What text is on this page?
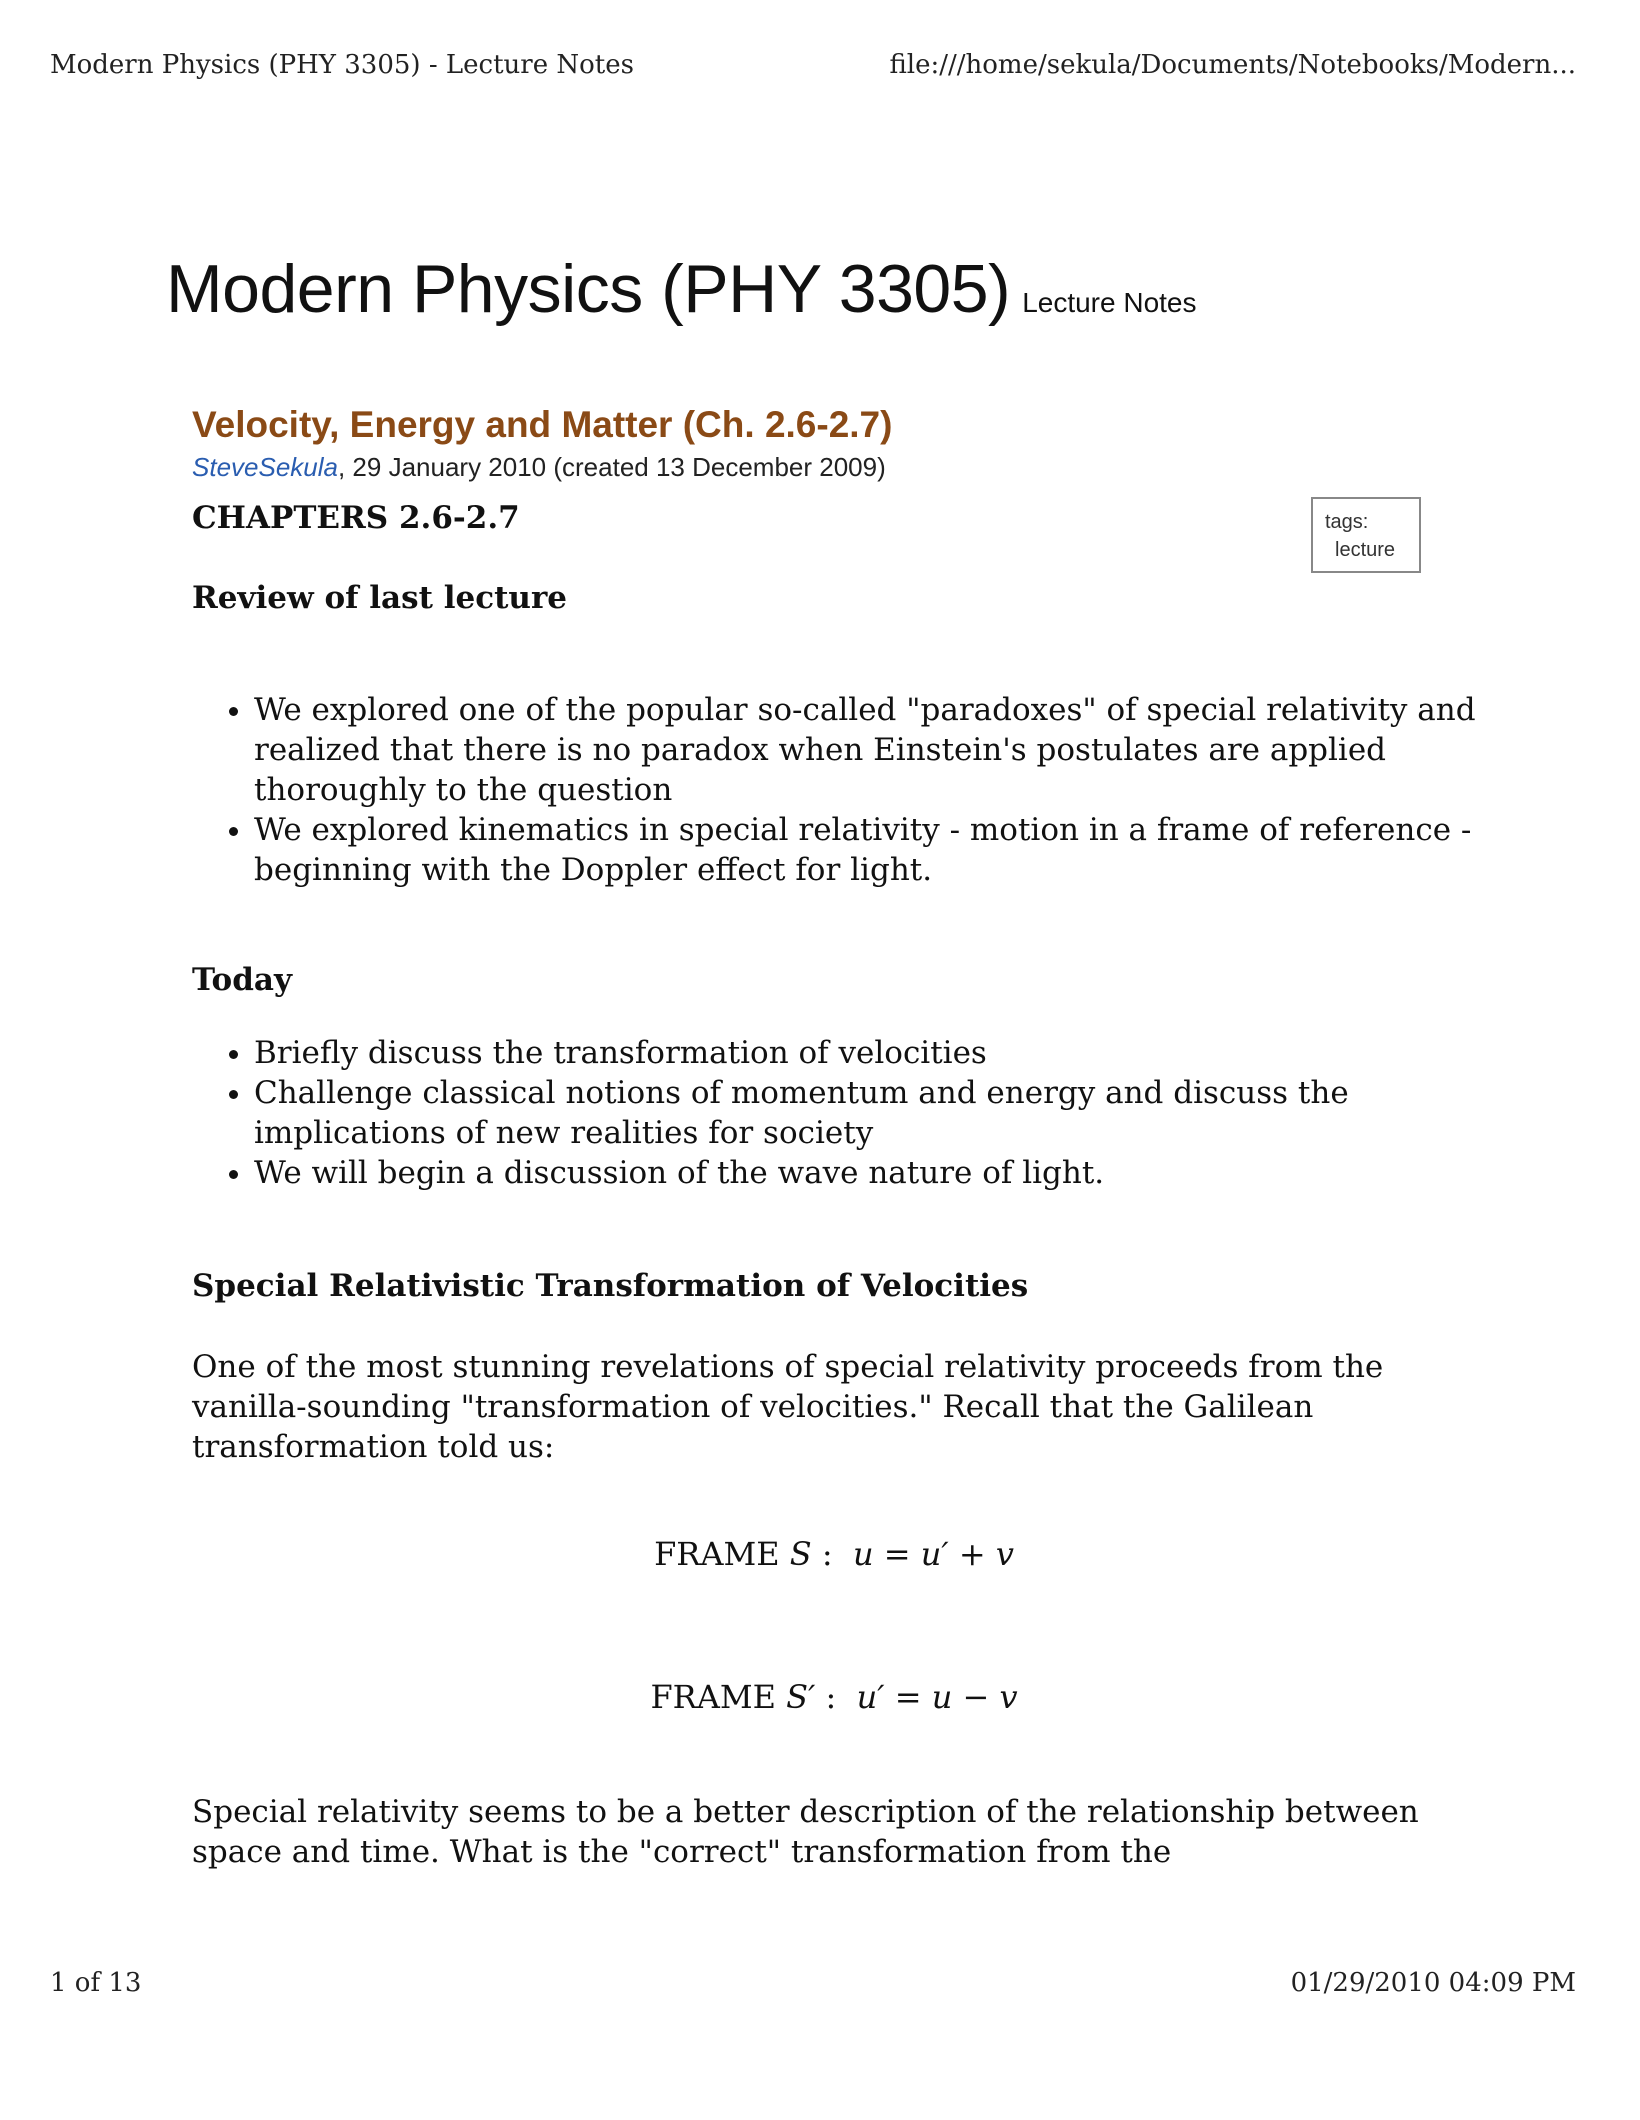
Modern Physics (PHY 3305) - Lecture Notes	file:///home/sekula/Documents/Notebooks/Modern...
Modern Physics (PHY 3305) Lecture Notes
Velocity, Energy and Matter (Ch. 2.6-2.7)
SteveSekula, 29 January 2010 (created 13 December 2009)
tags:
lecture
CHAPTERS 2.6-2.7
Review of last lecture
• We explored one of the popular so-called "paradoxes" of special relativity and realized that there is no paradox when Einstein's postulates are applied thoroughly to the question
• We explored kinematics in special relativity - motion in a frame of reference - beginning with the Doppler effect for light.
Today
• Briefly discuss the transformation of velocities
• Challenge classical notions of momentum and energy and discuss the implications of new realities for society
• We will begin a discussion of the wave nature of light.
Special Relativistic Transformation of Velocities

One of the most stunning revelations of special relativity proceeds from the vanilla-sounding "transformation of velocities." Recall that the Galilean transformation told us:

FRAME S :  u = u′ + v
FRAME S′ :  u′ = u − v

Special relativity seems to be a better description of the relationship between space and time. What is the "correct" transformation from the

1 of 13	01/29/2010 04:09 PM
